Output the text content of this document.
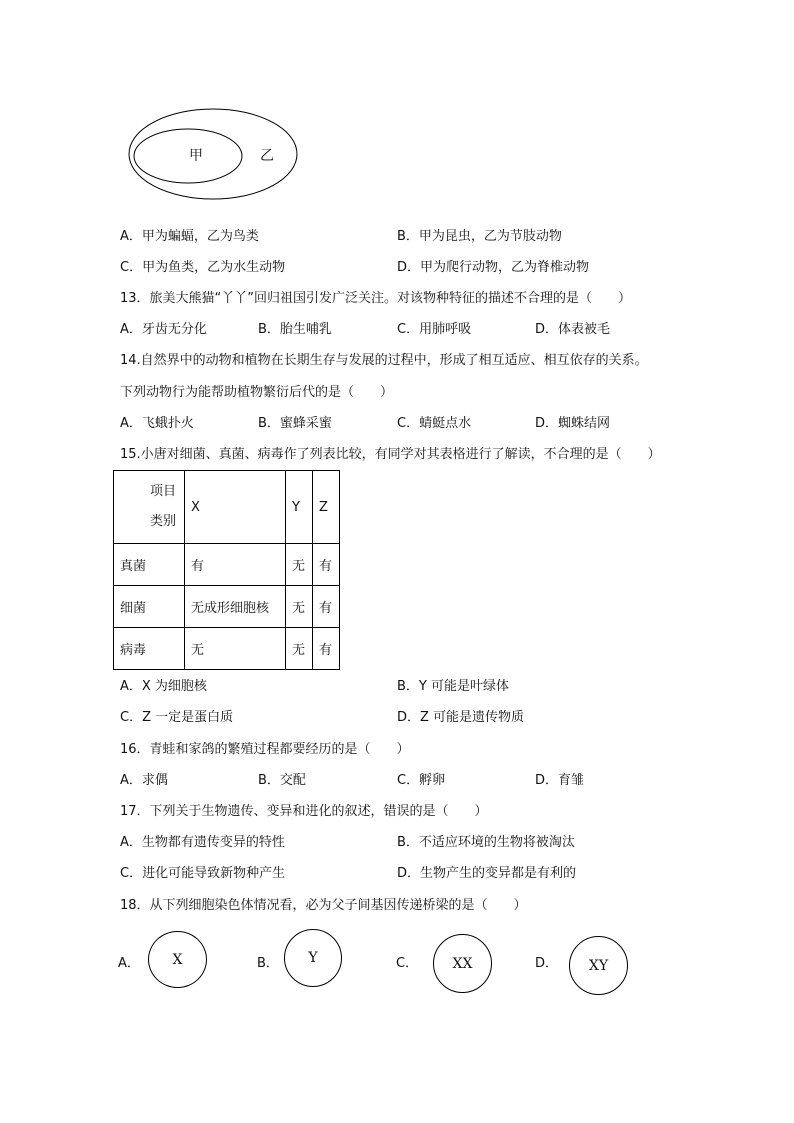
甲	乙
A．甲为蝙蝠，乙为鸟类	B．甲为昆虫，乙为节肢动物
C．甲为鱼类，乙为水生动物	D．甲为爬行动物，乙为脊椎动物
13．旅美大熊猫“丫丫”回归祖国引发广泛关注。对该物种特征的描述不合理的是（　　）
A．牙齿无分化	B．胎生哺乳	C．用肺呼吸	D．体表被毛
14.自然界中的动物和植物在长期生存与发展的过程中，形成了相互适应、相互依存的关系。
下列动物行为能帮助植物繁衍后代的是（　　）
A．飞蛾扑火	B．蜜蜂采蜜	C．蜻蜓点水	D．蜘蛛结网
15.小唐对细菌、真菌、病毒作了列表比较，有同学对其表格进行了解读，不合理的是（　　）
项目
类别	X	Y	Z
真菌	有	无	有
细菌	无成形细胞核	无	有
病毒	无	无	有
A．X 为细胞核	B．Y 可能是叶绿体
C．Z 一定是蛋白质	D．Z 可能是遗传物质
16．青蛙和家鸽的繁殖过程都要经历的是（　　）
A．求偶	B．交配	C．孵卵	D．育雏
17．下列关于生物遗传、变异和进化的叙述，错误的是（　　）
A．生物都有遗传变异的特性	B．不适应环境的生物将被淘汰
C．进化可能导致新物种产生	D．生物产生的变异都是有利的
18．从下列细胞染色体情况看，必为父子间基因传递桥梁的是（　　）
A． X	B． Y	C． XX	D． XY
